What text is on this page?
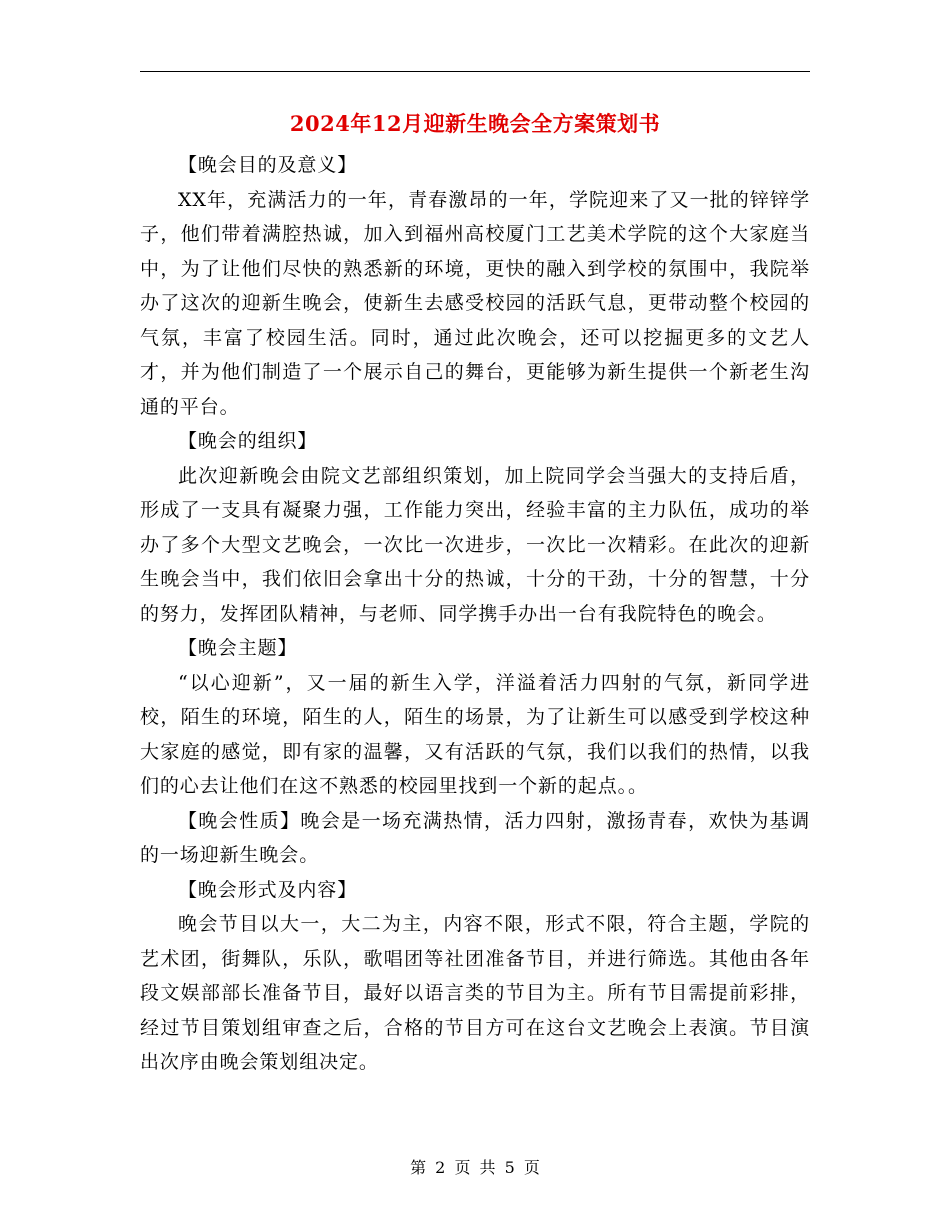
2024年12月迎新生晚会全方案策划书

【晚会目的及意义】

XX年，充满活力的一年，青春激昂的一年，学院迎来了又一批的锌锌学子，他们带着满腔热诚，加入到福州高校厦门工艺美术学院的这个大家庭当中，为了让他们尽快的熟悉新的环境，更快的融入到学校的氛围中，我院举办了这次的迎新生晚会，使新生去感受校园的活跃气息，更带动整个校园的气氛，丰富了校园生活。同时，通过此次晚会，还可以挖掘更多的文艺人才，并为他们制造了一个展示自己的舞台，更能够为新生提供一个新老生沟通的平台。

【晚会的组织】

此次迎新晚会由院文艺部组织策划，加上院同学会当强大的支持后盾，形成了一支具有凝聚力强，工作能力突出，经验丰富的主力队伍，成功的举办了多个大型文艺晚会，一次比一次进步，一次比一次精彩。在此次的迎新生晚会当中，我们依旧会拿出十分的热诚，十分的干劲，十分的智慧，十分的努力，发挥团队精神，与老师、同学携手办出一台有我院特色的晚会。

【晚会主题】

“以心迎新”，又一届的新生入学，洋溢着活力四射的气氛，新同学进校，陌生的环境，陌生的人，陌生的场景，为了让新生可以感受到学校这种大家庭的感觉，即有家的温馨，又有活跃的气氛，我们以我们的热情，以我们的心去让他们在这不熟悉的校园里找到一个新的起点。。

【晚会性质】晚会是一场充满热情，活力四射，激扬青春，欢快为基调的一场迎新生晚会。

【晚会形式及内容】

晚会节目以大一，大二为主，内容不限，形式不限，符合主题，学院的艺术团，街舞队，乐队，歌唱团等社团准备节目，并进行筛选。其他由各年段文娱部部长准备节目，最好以语言类的节目为主。所有节目需提前彩排，经过节目策划组审查之后，合格的节目方可在这台文艺晚会上表演。节目演出次序由晚会策划组决定。

第 2 页 共 5 页
